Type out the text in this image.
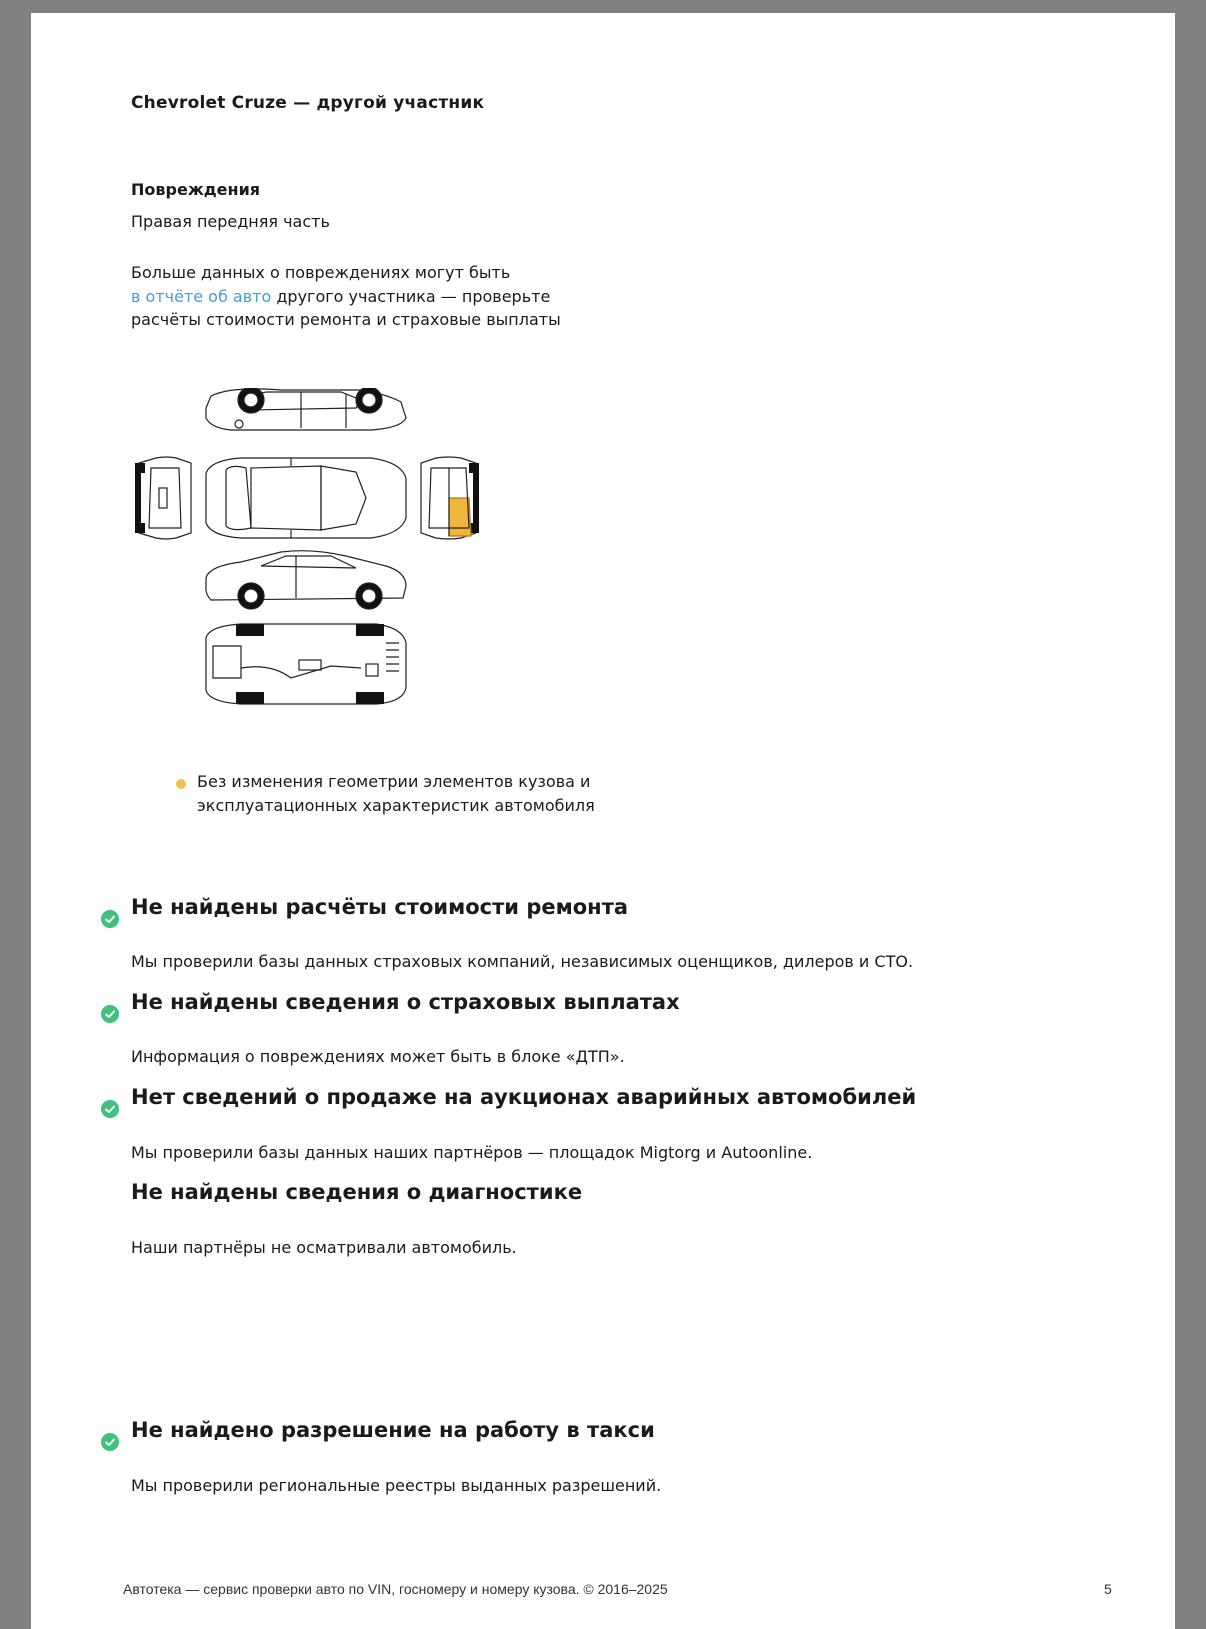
Chevrolet Cruze — другой участник
Повреждения
Правая передняя часть
Больше данных о повреждениях могут быть
в отчёте об авто другого участника — проверьте расчёты стоимости ремонта и страховые выплаты
Без изменения геометрии элементов кузова и эксплуатационных характеристик автомобиля
Не найдены расчёты стоимости ремонта
Мы проверили базы данных страховых компаний, независимых оценщиков, дилеров и СТО.
Не найдены сведения о страховых выплатах
Информация о повреждениях может быть в блоке «ДТП».
Нет сведений о продаже на аукционах аварийных автомобилей
Мы проверили базы данных наших партнёров — площадок Migtorg и Autoonline.
Не найдены сведения о диагностике
Наши партнёры не осматривали автомобиль.
Не найдено разрешение на работу в такси
Мы проверили региональные реестры выданных разрешений.
Автотека — сервис проверки авто по VIN, госномеру и номеру кузова. © 2016–2025	5
